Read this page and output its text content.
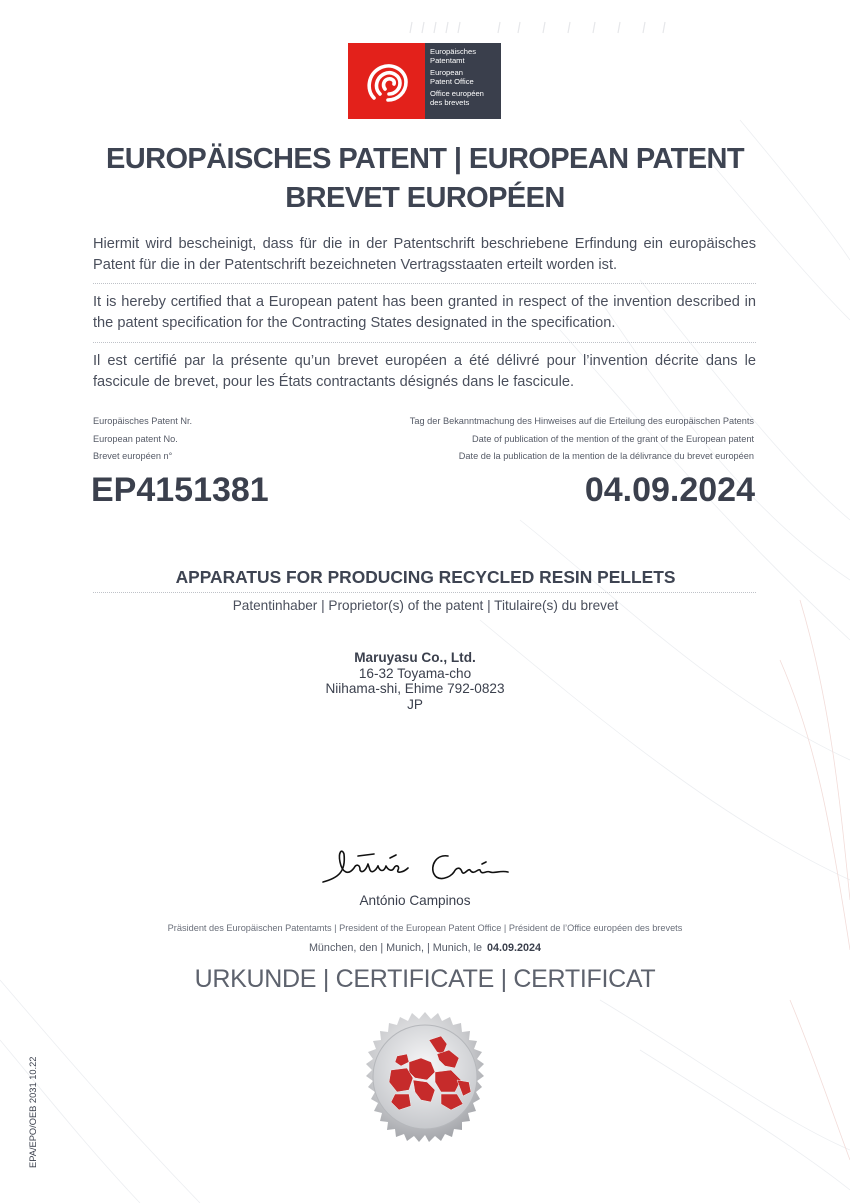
Europäisches
Patentamt
European
Patent Office
Office européen
des brevets
EUROPÄISCHES PATENT | EUROPEAN PATENT
BREVET EUROPÉEN
Hiermit wird bescheinigt, dass für die in der Patentschrift beschriebene Erfindung ein europäisches Patent für die in der Patentschrift bezeichneten Vertragsstaaten erteilt worden ist.
It is hereby certified that a European patent has been granted in respect of the invention described in the patent specification for the Contracting States designated in the specification.
Il est certifié par la présente qu’un brevet européen a été délivré pour l’invention décrite dans le fascicule de brevet, pour les États contractants désignés dans le fascicule.
Europäisches Patent Nr.
European patent No.
Brevet européen n°
Tag der Bekanntmachung des Hinweises auf die Erteilung des europäischen Patents
Date of publication of the mention of the grant of the European patent
Date de la publication de la mention de la délivrance du brevet européen
EP4151381	04.09.2024
APPARATUS FOR PRODUCING RECYCLED RESIN PELLETS
Patentinhaber | Proprietor(s) of the patent | Titulaire(s) du brevet
Maruyasu Co., Ltd.
16-32 Toyama-cho
Niihama-shi, Ehime 792-0823
JP
António Campinos
Präsident des Europäischen Patentamts | President of the European Patent Office | Président de l’Office européen des brevets
München, den | Munich, | Munich, le 04.09.2024
URKUNDE | CERTIFICATE | CERTIFICAT
EPA/EPO/OEB 2031 10.22
